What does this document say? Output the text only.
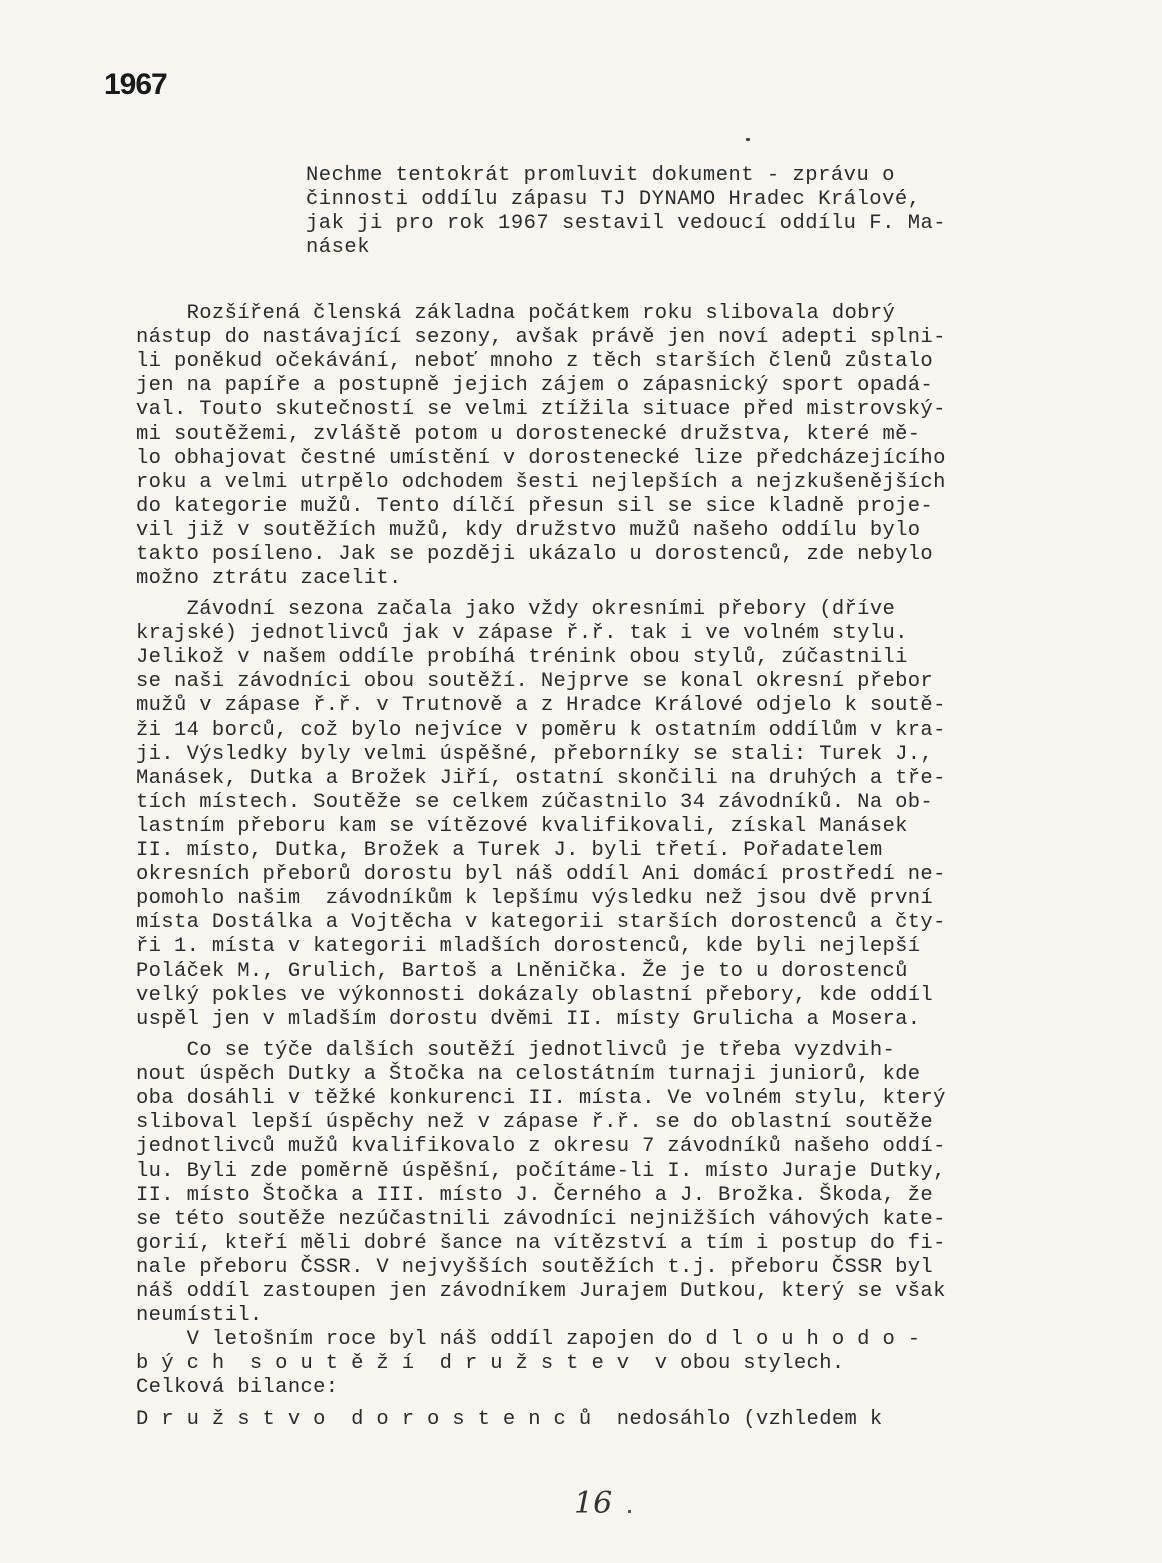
1967
Nechme tentokrát promluvit dokument - zprávu o
činnosti oddílu zápasu TJ DYNAMO Hradec Králové,
jak ji pro rok 1967 sestavil vedoucí oddílu F. Ma-
násek
Rozšířená členská základna počátkem roku slibovala dobrý
nástup do nastávající sezony, avšak právě jen noví adepti splni-
li poněkud očekávání, neboť mnoho z těch starších členů zůstalo
jen na papíře a postupně jejich zájem o zápasnický sport opadá-
val. Touto skutečností se velmi ztížila situace před mistrovský-
mi soutěžemi, zvláště potom u dorostenecké družstva, které mě-
lo obhajovat čestné umístění v dorostenecké lize předcházejícího
roku a velmi utrpělo odchodem šesti nejlepších a nejzkušenějších
do kategorie mužů. Tento dílčí přesun sil se sice kladně proje-
vil již v soutěžích mužů, kdy družstvo mužů našeho oddílu bylo
takto posíleno. Jak se později ukázalo u dorostenců, zde nebylo
možno ztrátu zacelit.
Závodní sezona začala jako vždy okresními přebory (dříve
krajské) jednotlivců jak v zápase ř.ř. tak i ve volném stylu.
Jelikož v našem oddíle probíhá trénink obou stylů, zúčastnili
se naši závodníci obou soutěží. Nejprve se konal okresní přebor
mužů v zápase ř.ř. v Trutnově a z Hradce Králové odjelo k soutě-
ži 14 borců, což bylo nejvíce v poměru k ostatním oddílům v kra-
ji. Výsledky byly velmi úspěšné, přeborníky se stali: Turek J.,
Manásek, Dutka a Brožek Jiří, ostatní skončili na druhých a tře-
tích místech. Soutěže se celkem zúčastnilo 34 závodníků. Na ob-
lastním přeboru kam se vítězové kvalifikovali, získal Manásek
II. místo, Dutka, Brožek a Turek J. byli třetí. Pořadatelem
okresních přeborů dorostu byl náš oddíl Ani domácí prostředí ne-
pomohlo našim  závodníkům k lepšímu výsledku než jsou dvě první
místa Dostálka a Vojtěcha v kategorii starších dorostenců a čty-
ři 1. místa v kategorii mladších dorostenců, kde byli nejlepší
Poláček M., Grulich, Bartoš a Lněnička. Že je to u dorostenců
velký pokles ve výkonnosti dokázaly oblastní přebory, kde oddíl
uspěl jen v mladším dorostu dvěmi II. místy Grulicha a Mosera.
Co se týče dalších soutěží jednotlivců je třeba vyzdvih-
nout úspěch Dutky a Štočka na celostátním turnaji juniorů, kde
oba dosáhli v těžké konkurenci II. místa. Ve volném stylu, který
sliboval lepší úspěchy než v zápase ř.ř. se do oblastní soutěže
jednotlivců mužů kvalifikovalo z okresu 7 závodníků našeho oddí-
lu. Byli zde poměrně úspěšní, počítáme-li I. místo Juraje Dutky,
II. místo Štočka a III. místo J. Černého a J. Brožka. Škoda, že
se této soutěže nezúčastnili závodníci nejnižších váhových kate-
gorií, kteří měli dobré šance na vítězství a tím i postup do fi-
nale přeboru ČSSR. V nejvyšších soutěžích t.j. přeboru ČSSR byl
náš oddíl zastoupen jen závodníkem Jurajem Dutkou, který se však
neumístil.
V letošním roce byl náš oddíl zapojen do d l o u h o d o -
b ý c h  s o u t ě ž í  d r u ž s t e v  v obou stylech.
Celková bilance:
D r u ž s t v o  d o r o s t e n c ů  nedosáhlo (vzhledem k
16
